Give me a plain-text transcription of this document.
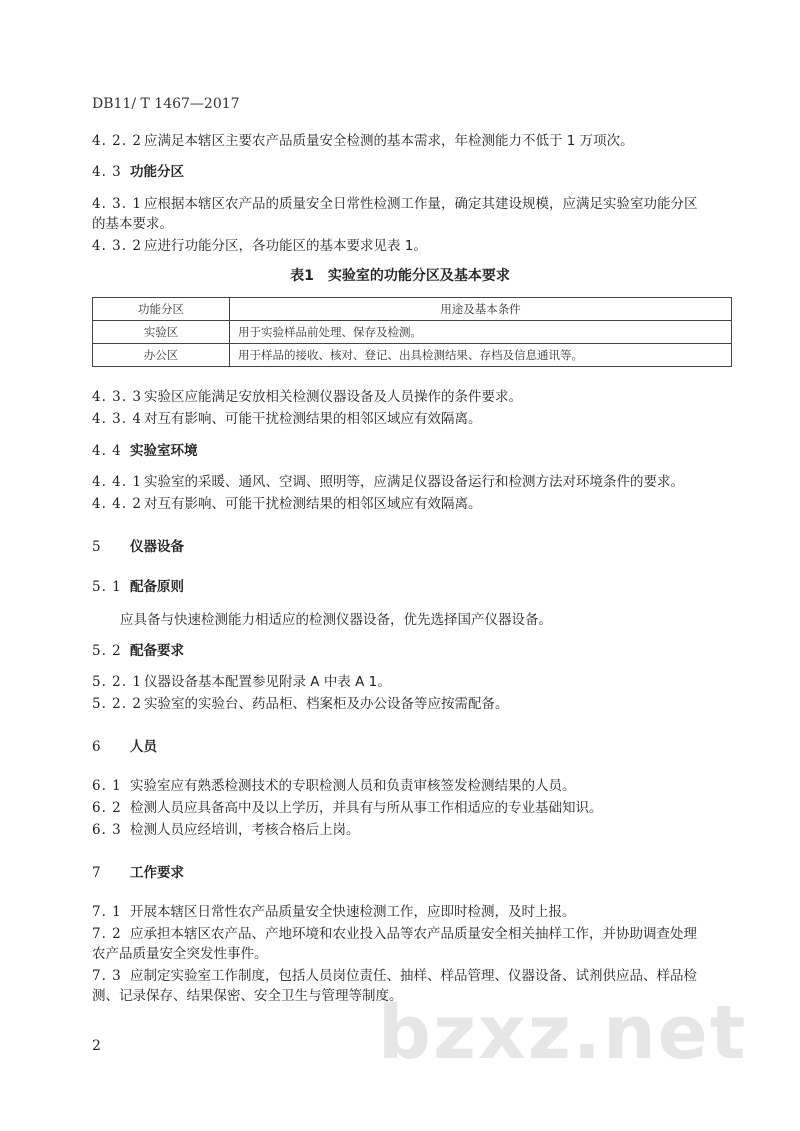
DB11/ T 1467—2017
4. 2. 2 应满足本辖区主要农产品质量安全检测的基本需求，年检测能力不低于 1 万项次。
4. 3 功能分区
4. 3. 1 应根据本辖区农产品的质量安全日常性检测工作量，确定其建设规模，应满足实验室功能分区
的基本要求。
4. 3. 2 应进行功能分区，各功能区的基本要求见表 1。
表1　实验室的功能分区及基本要求
功能分区	用途及基本条件
实验区	用于实验样品前处理、保存及检测。
办公区	用于样品的接收、核对、登记、出具检测结果、存档及信息通讯等。
4. 3. 3 实验区应能满足安放相关检测仪器设备及人员操作的条件要求。
4. 3. 4 对互有影响、可能干扰检测结果的相邻区域应有效隔离。
4. 4 实验室环境
4. 4. 1 实验室的采暖、通风、空调、照明等，应满足仪器设备运行和检测方法对环境条件的要求。
4. 4. 2 对互有影响、可能干扰检测结果的相邻区域应有效隔离。
5 仪器设备
5. 1 配备原则
应具备与快速检测能力相适应的检测仪器设备，优先选择国产仪器设备。
5. 2 配备要求
5. 2. 1 仪器设备基本配置参见附录 A 中表 A 1。
5. 2. 2 实验室的实验台、药品柜、档案柜及办公设备等应按需配备。
6 人员
6. 1 实验室应有熟悉检测技术的专职检测人员和负责审核签发检测结果的人员。
6. 2 检测人员应具备高中及以上学历，并具有与所从事工作相适应的专业基础知识。
6. 3 检测人员应经培训，考核合格后上岗。
7 工作要求
7. 1 开展本辖区日常性农产品质量安全快速检测工作，应即时检测，及时上报。
7. 2 应承担本辖区农产品、产地环境和农业投入品等农产品质量安全相关抽样工作，并协助调查处理
农产品质量安全突发性事件。
7. 3 应制定实验室工作制度，包括人员岗位责任、抽样、样品管理、仪器设备、试剂供应品、样品检
测、记录保存、结果保密、安全卫生与管理等制度。
bzxz.net
2
